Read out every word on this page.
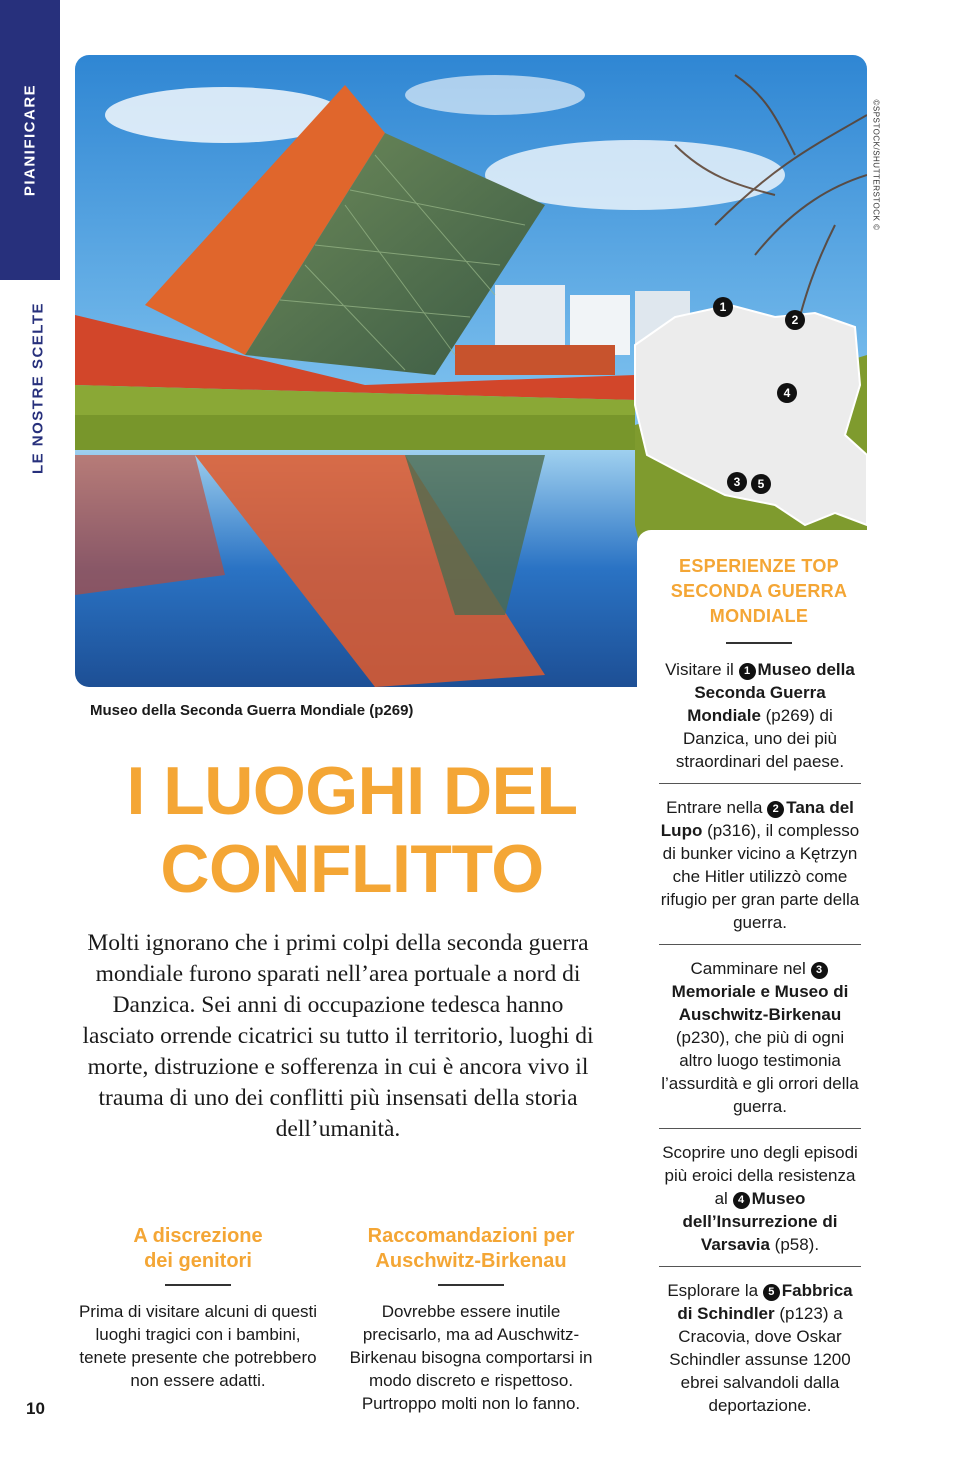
PIANIFICARE
LE NOSTRE SCELTE	1
2
4
3	5
©SPSTOCK/SHUTTERSTOCK ©
Museo della Seconda Guerra Mondiale (p269)
I LUOGHI DEL
CONFLITTO
Molti ignorano che i primi colpi della seconda guerra mondiale furono sparati nell’area portuale a nord di Danzica. Sei anni di occupazione tedesca hanno lasciato orrende cicatrici su tutto il territorio, luoghi di morte, distruzione e sofferenza in cui è ancora vivo il trauma di uno dei conflitti più insensati della storia dell’umanità.
A discrezione
dei genitori
Prima di visitare alcuni di questi luoghi tragici con i bambini, tenete presente che potrebbero non essere adatti.
Raccomandazioni per
Auschwitz-Birkenau
Dovrebbe essere inutile precisarlo, ma ad Auschwitz-Birkenau bisogna comportarsi in modo discreto e rispettoso. Purtroppo molti non lo fanno.
10
ESPERIENZE TOP
SECONDA GUERRA
MONDIALE
Visitare il 1 Museo della Seconda Guerra Mondiale (p269) di Danzica, uno dei più straordinari del paese.
Entrare nella 2 Tana del Lupo (p316), il complesso di bunker vicino a Kętrzyn che Hitler utilizzò come rifugio per gran parte della guerra.
Camminare nel 3Memoriale e Museo di Auschwitz-Birkenau (p230), che più di ogni altro luogo testimonia l’assurdità e gli orrori della guerra.
Scoprire uno degli episodi più eroici della resistenza al 4 Museo dell’Insurrezione di Varsavia (p58).
Esplorare la 5 Fabbrica di Schindler (p123) a Cracovia, dove Oskar Schindler assunse 1200 ebrei salvandoli dalla deportazione.
